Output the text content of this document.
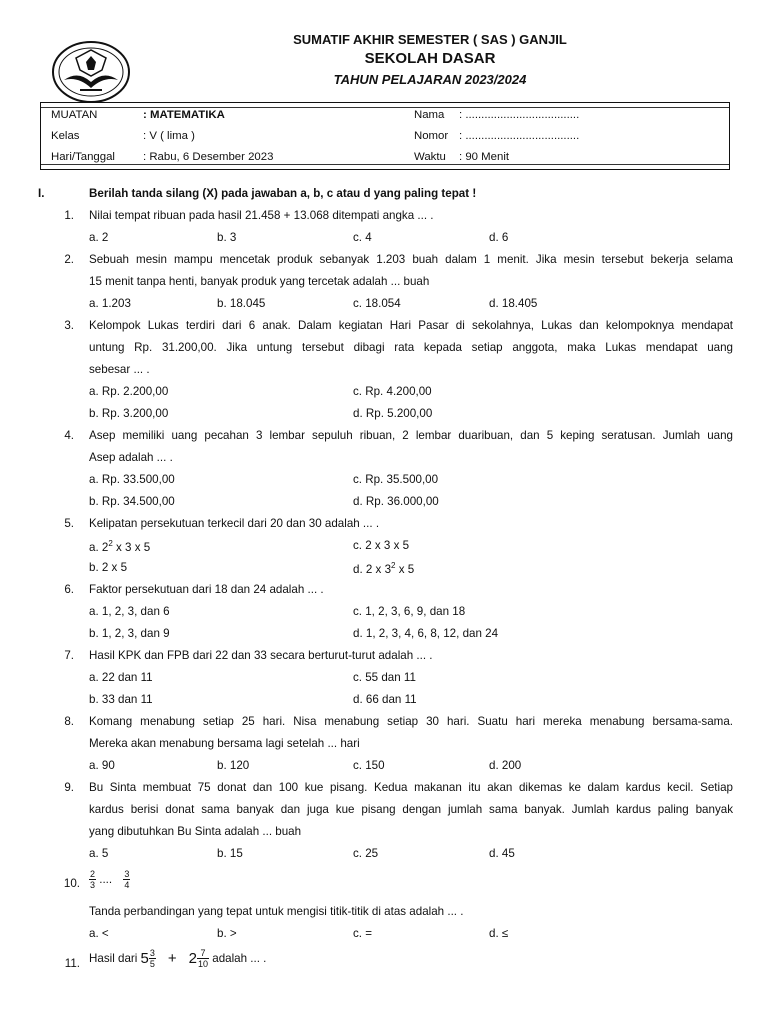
SUMATIF AKHIR SEMESTER ( SAS ) GANJIL
SEKOLAH DASAR
TAHUN PELAJARAN 2023/2024
MUATAN	: MATEMATIKA	Nama : ....................................
Kelas	: V ( lima )	Nomor : ....................................
Hari/Tanggal : Rabu, 6 Desember 2023	Waktu : 90 Menit
I.	Berilah tanda silang (X) pada jawaban a, b, c atau d yang paling tepat !
1. Nilai tempat ribuan pada hasil 21.458 + 13.068 ditempati angka ... .
a. 2	b. 3	c. 4	d. 6
2. Sebuah mesin mampu mencetak produk sebanyak 1.203 buah dalam 1 menit. Jika mesin tersebut bekerja selama
15 menit tanpa henti, banyak produk yang tercetak adalah ... buah
a. 1.203	b. 18.045	c. 18.054	d. 18.405
3. Kelompok Lukas terdiri dari 6 anak. Dalam kegiatan Hari Pasar di sekolahnya, Lukas dan kelompoknya mendapat
untung Rp. 31.200,00. Jika untung tersebut dibagi rata kepada setiap anggota, maka Lukas mendapat uang
sebesar ... .
a. Rp. 2.200,00	c. Rp. 4.200,00
b. Rp. 3.200,00	d. Rp. 5.200,00
4. Asep memiliki uang pecahan 3 lembar sepuluh ribuan, 2 lembar duaribuan, dan 5 keping seratusan. Jumlah uang
Asep adalah ... .
a. Rp. 33.500,00	c. Rp. 35.500,00
b. Rp. 34.500,00	d. Rp. 36.000,00
5. Kelipatan persekutuan terkecil dari 20 dan 30 adalah ... .
a. $2^2$ x 3 x 5	c. 2 x 3 x 5
b. 2 x 5	d. 2 x $3^2$ x 5
6. Faktor persekutuan dari 18 dan 24 adalah ... .
a. 1, 2, 3, dan 6	c. 1, 2, 3, 6, 9, dan 18
b. 1, 2, 3, dan 9	d. 1, 2, 3, 4, 6, 8, 12, dan 24
7. Hasil KPK dan FPB dari 22 dan 33 secara berturut-turut adalah ... .
a. 22 dan 11	c. 55 dan 11
b. 33 dan 11	d. 66 dan 11
8. Komang menabung setiap 25 hari. Nisa menabung setiap 30 hari. Suatu hari mereka menabung bersama-sama.
Mereka akan menabung bersama lagi setelah ... hari
a. 90	b. 120	c. 150	d. 200
9. Bu Sinta membuat 75 donat dan 100 kue pisang. Kedua makanan itu akan dikemas ke dalam kardus kecil. Setiap
kardus berisi donat sama banyak dan juga kue pisang dengan jumlah sama banyak. Jumlah kardus paling banyak
yang dibutuhkan Bu Sinta adalah ... buah
a. 5	b. 15	c. 25	d. 45
10. $\frac{2}{3}$ .... $\frac{3}{4}$
Tanda perbandingan yang tepat untuk mengisi titik-titik di atas adalah ... .
a. <	b. >	c. =	d. ≤
11. Hasil dari $5 \frac{3}{5} + 2 \frac{7}{10}$ adalah ... .
